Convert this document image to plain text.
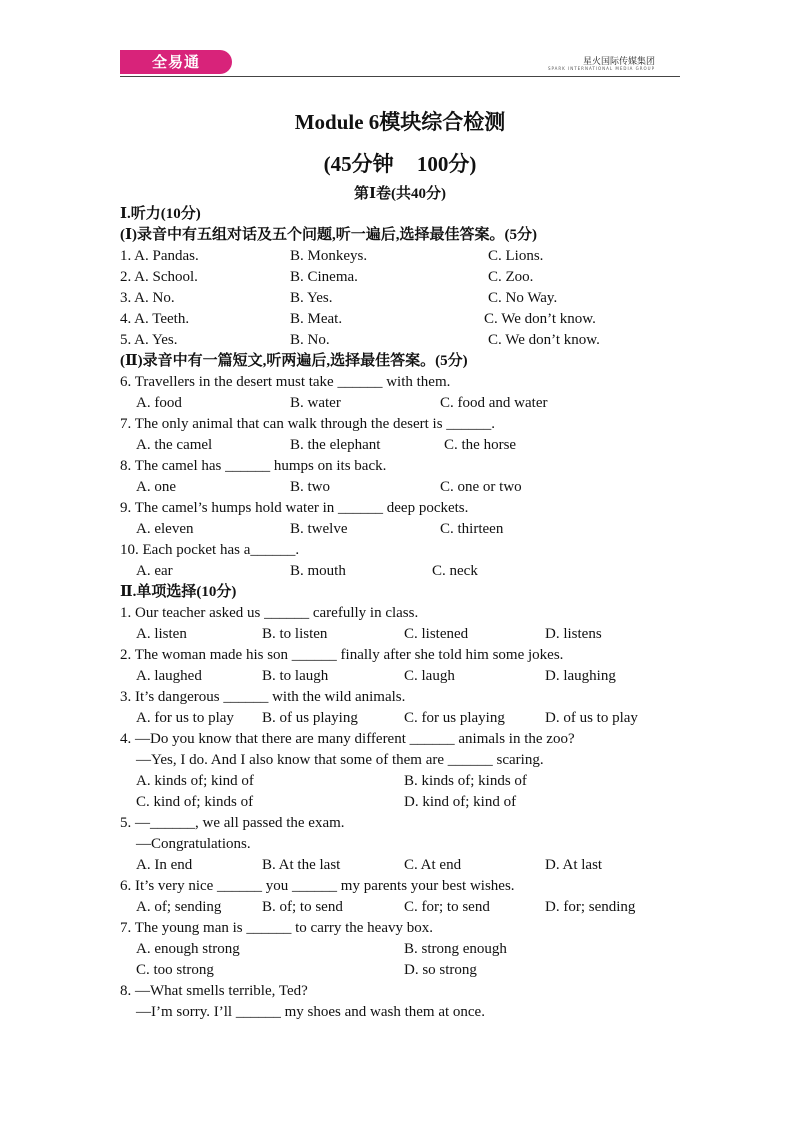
全易通	星火国际传媒集团
SPARK INTERNATIONAL MEDIA GROUP
Module 6模块综合检测
(45分钟 100分)
第Ⅰ卷(共40分)
Ⅰ.听力(10分)
(Ⅰ)录音中有五组对话及五个问题,听一遍后,选择最佳答案。(5分)
1. A. Pandas.	B. Monkeys.	C. Lions.
2. A. School.	B. Cinema.	C. Zoo.
3. A. No.	B. Yes.	C. No Way.
4. A. Teeth.	B. Meat.	C. We don’t know.
5. A. Yes.	B. No.	C. We don’t know.
(Ⅱ)录音中有一篇短文,听两遍后,选择最佳答案。(5分)
6. Travellers in the desert must take ______ with them.
A. food	B. water	C. food and water
7. The only animal that can walk through the desert is ______.
A. the camel	B. the elephant	C. the horse
8. The camel has ______ humps on its back.
A. one	B. two	C. one or two
9. The camel’s humps hold water in ______ deep pockets.
A. eleven	B. twelve	C. thirteen
10. Each pocket has a______.
A. ear	B. mouth	C. neck
Ⅱ.单项选择(10分)
1. Our teacher asked us ______ carefully in class.
A. listen	B. to listen	C. listened	D. listens
2. The woman made his son ______ finally after she told him some jokes.
A. laughed	B. to laugh	C. laugh	D. laughing
3. It’s dangerous ______ with the wild animals.
A. for us to play B. of us playing	C. for us playing	D. of us to play
4. —Do you know that there are many different ______ animals in the zoo?
—Yes, I do. And I also know that some of them are ______ scaring.
A. kinds of; kind of	B. kinds of; kinds of
C. kind of; kinds of	D. kind of; kind of
5. —______, we all passed the exam.
—Congratulations.
A. In end	B. At the last	C. At end	D. At last
6. It’s very nice ______ you ______ my parents your best wishes.
A. of; sending	B. of; to send	C. for; to send	D. for; sending
7. The young man is ______ to carry the heavy box.
A. enough strong	B. strong enough
C. too strong	D. so strong
8. —What smells terrible, Ted?
—I’m sorry. I’ll ______ my shoes and wash them at once.
